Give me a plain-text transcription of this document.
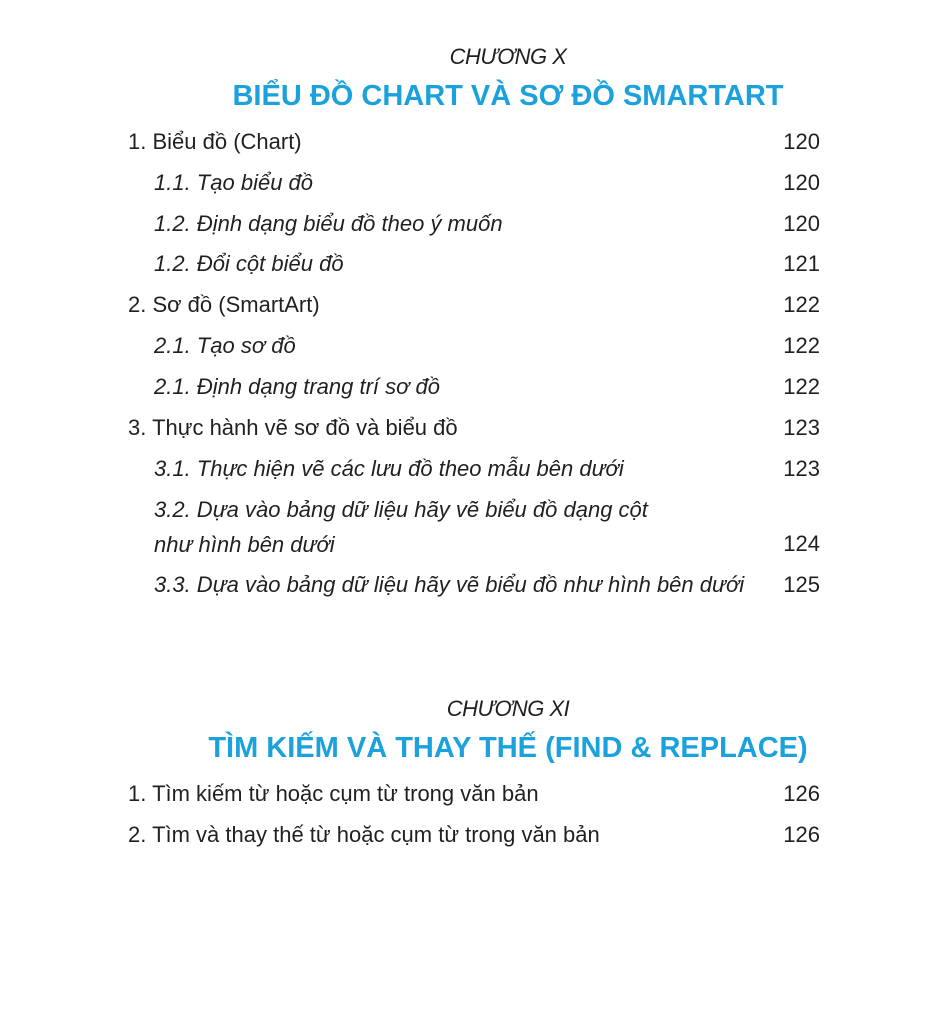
CHƯƠNG X
BIỂU ĐỒ CHART VÀ SƠ ĐỒ SMARTART
1. Biểu đồ (Chart)	120
1.1. Tạo biểu đồ	120
1.2. Định dạng biểu đồ theo ý muốn	120
1.2. Đổi cột biểu đồ	121
2. Sơ đồ (SmartArt)	122
2.1. Tạo sơ đồ	122
2.1. Định dạng trang trí sơ đồ	122
3. Thực hành vẽ sơ đồ và biểu đồ	123
3.1. Thực hiện vẽ các lưu đồ theo mẫu bên dưới	123
3.2. Dựa vào bảng dữ liệu hãy vẽ biểu đồ dạng cột như hình bên dưới	124
3.3. Dựa vào bảng dữ liệu hãy vẽ biểu đồ như hình bên dưới 125
CHƯƠNG XI
TÌM KIẾM VÀ THAY THẾ (FIND & REPLACE)
1. Tìm kiếm từ hoặc cụm từ trong văn bản	126
2. Tìm và thay thế từ hoặc cụm từ trong văn bản	126
